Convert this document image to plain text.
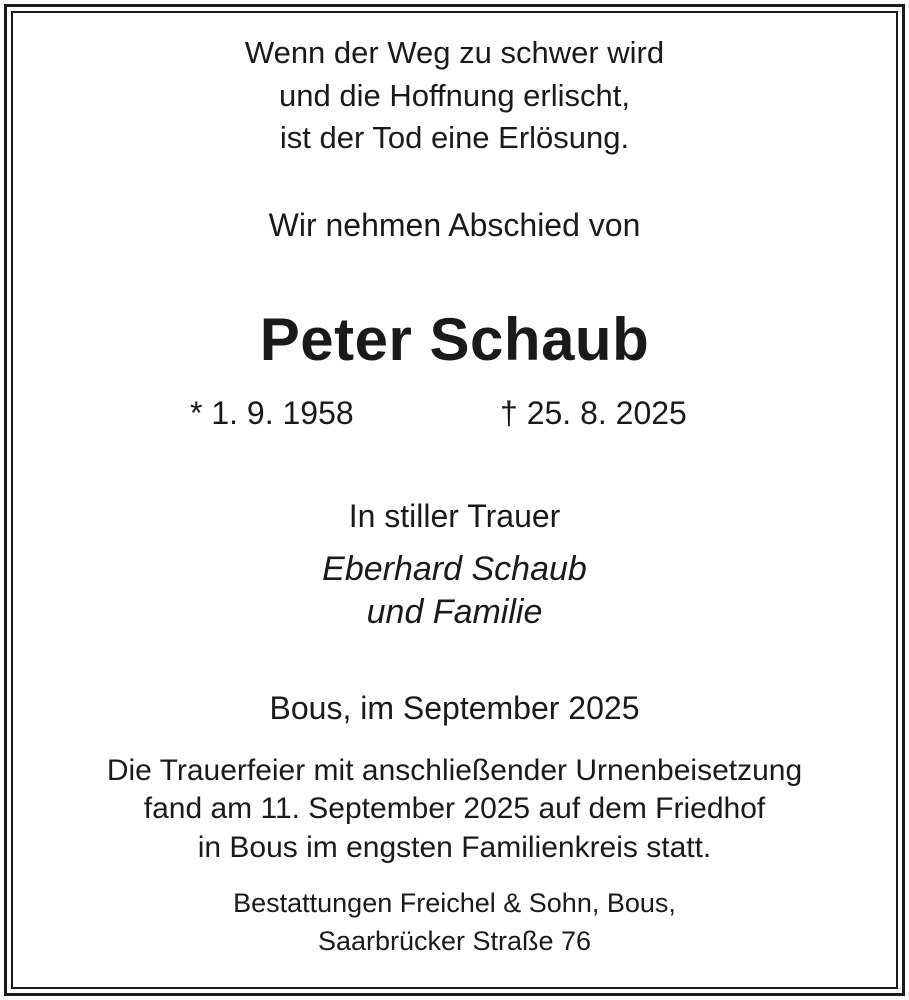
Wenn der Weg zu schwer wird
und die Hoffnung erlischt,
ist der Tod eine Erlösung.
Wir nehmen Abschied von
Peter Schaub
* 1. 9. 1958	† 25. 8. 2025
In stiller Trauer
Eberhard Schaub
und Familie
Bous, im September 2025
Die Trauerfeier mit anschließender Urnenbeisetzung
fand am 11. September 2025 auf dem Friedhof
in Bous im engsten Familienkreis statt.
Bestattungen Freichel & Sohn, Bous,
Saarbrücker Straße 76
